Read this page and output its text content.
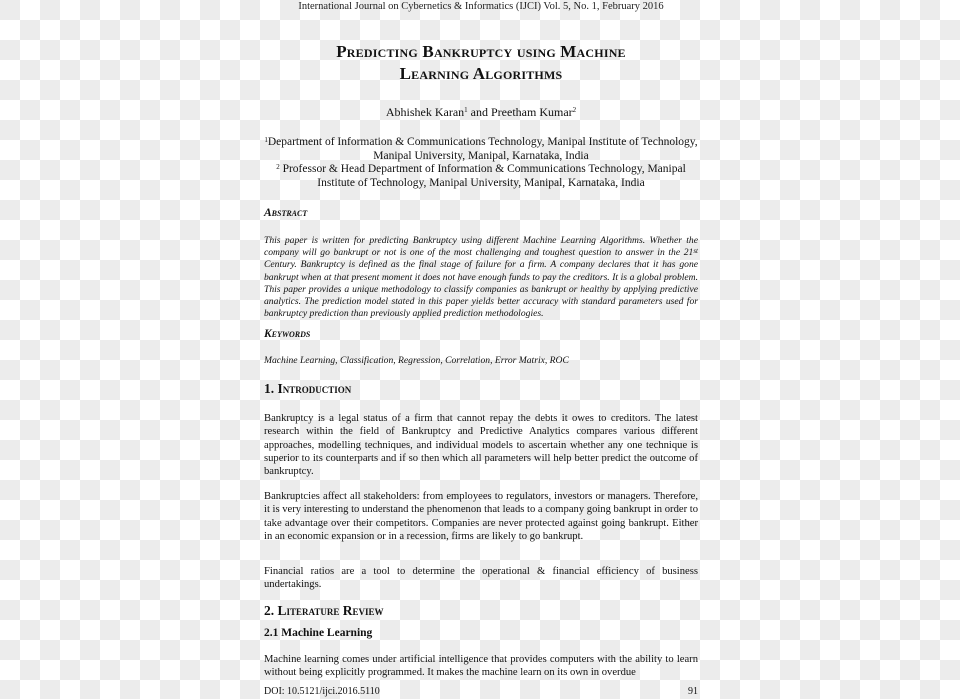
International Journal on Cybernetics & Informatics (IJCI) Vol. 5, No. 1, February 2016
Predicting Bankruptcy using Machine
Learning Algorithms
Abhishek Karan$^1$ and Preetham Kumar$^2$
$^1$Department of Information & Communications Technology, Manipal Institute of Technology, Manipal University, Manipal, Karnataka, India
$^2$ Professor & Head Department of Information & Communications Technology, Manipal Institute of Technology, Manipal University, Manipal, Karnataka, India
Abstract
This paper is written for predicting Bankruptcy using different Machine Learning Algorithms. Whether the company will go bankrupt or not is one of the most challenging and toughest question to answer in the 21st Century. Bankruptcy is defined as the final stage of failure for a firm. A company declares that it has gone bankrupt when at that present moment it does not have enough funds to pay the creditors. It is a global problem. This paper provides a unique methodology to classify companies as bankrupt or healthy by applying predictive analytics. The prediction model stated in this paper yields better accuracy with standard parameters used for bankruptcy prediction than previously applied prediction methodologies.
Keywords
Machine Learning, Classification, Regression, Correlation, Error Matrix, ROC
1. Introduction
Bankruptcy is a legal status of a firm that cannot repay the debts it owes to creditors. The latest research within the field of Bankruptcy and Predictive Analytics compares various different approaches, modelling techniques, and individual models to ascertain whether any one technique is superior to its counterparts and if so then which all parameters will help better predict the outcome of bankruptcy.
Bankruptcies affect all stakeholders: from employees to regulators, investors or managers. Therefore, it is very interesting to understand the phenomenon that leads to a company going bankrupt in order to take advantage over their competitors. Companies are never protected against going bankrupt. Either in an economic expansion or in a recession, firms are likely to go bankrupt.
Financial ratios are a tool to determine the operational & financial efficiency of business undertakings.
2. Literature Review
2.1 Machine Learning
Machine learning comes under artificial intelligence that provides computers with the ability to learn without being explicitly programmed. It makes the machine learn on its own in overdue
DOI: 10.5121/ijci.2016.5110	91
